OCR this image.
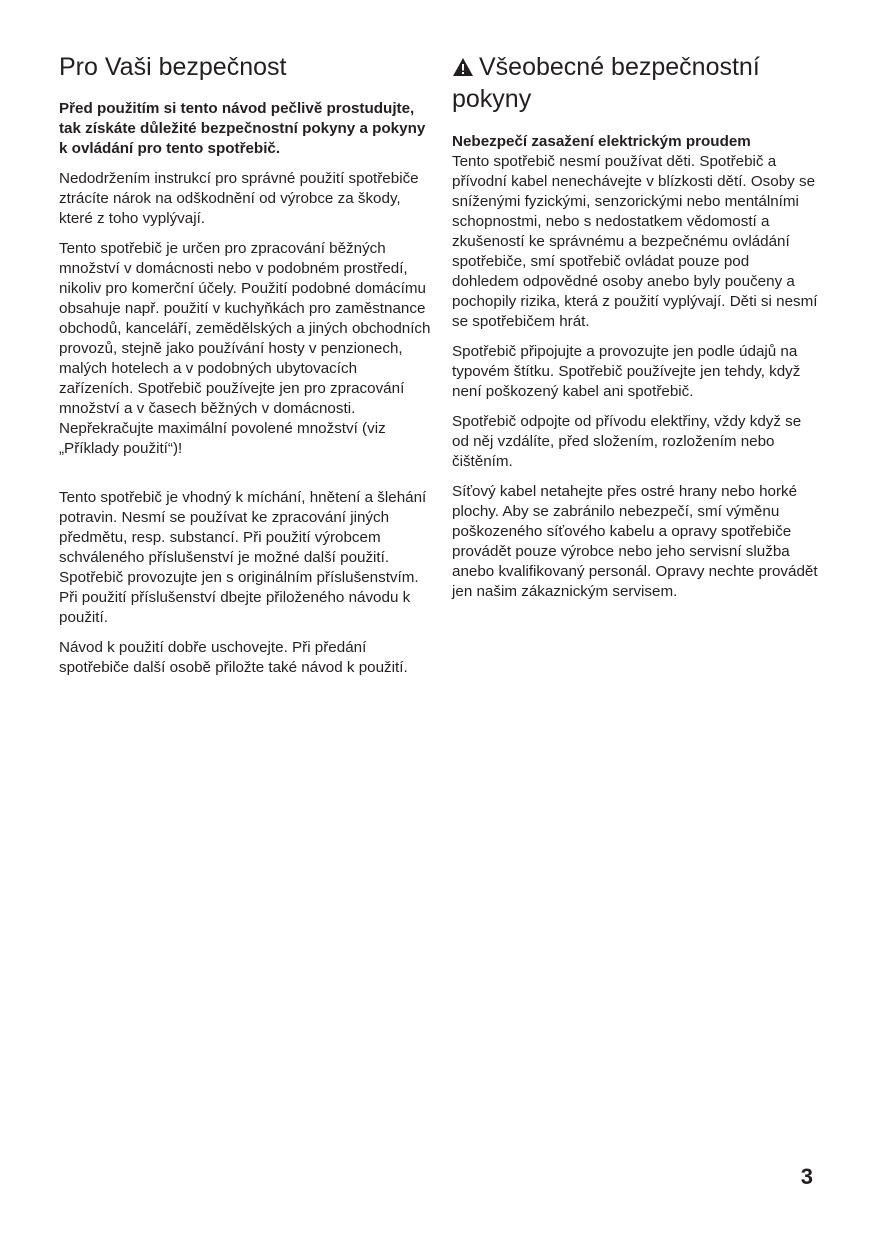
Pro Vaši bezpečnost

Před použitím si tento návod pečlivě prostudujte, tak získáte důležité bezpečnostní pokyny a pokyny k ovládání pro tento spotřebič.

Nedodržením instrukcí pro správné použití spotřebiče ztrácíte nárok na odškodnění od výrobce za škody, které z toho vyplývají.

Tento spotřebič je určen pro zpracování běžných množství v domácnosti nebo v podobném prostředí, nikoliv pro komerční účely. Použití podobné domácímu obsahuje např. použití v kuchyňkách pro zaměstnance obchodů, kanceláří, zemědělských a jiných obchodních provozů, stejně jako používání hosty v penzionech, malých hotelech a v podobných ubytovacích zařízeních. Spotřebič používejte jen pro zpracování množství a v časech běžných v domácnosti. Nepřekračujte maximální povolené množství (viz „Příklady použití“)!

Tento spotřebič je vhodný k míchání, hnětení a šlehání potravin. Nesmí se používat ke zpracování jiných předmětu, resp. substancí. Při použití výrobcem schváleného příslušenství je možné další použití. Spotřebič provozujte jen s originálním příslušenstvím. Při použití příslušenství dbejte přiloženého návodu k použití.

Návod k použití dobře uschovejte. Při předání spotřebiče další osobě přiložte také návod k použití.

Všeobecné bezpečnostní pokyny

Nebezpečí zasažení elektrickým proudem
Tento spotřebič nesmí používat děti. Spotřebič a přívodní kabel nenechávejte v blízkosti dětí. Osoby se sníženými fyzickými, senzorickými nebo mentálními schopnostmi, nebo s nedostatkem vědomostí a zkušeností ke správnému a bezpečnému ovládání spotřebiče, smí spotřebič ovládat pouze pod dohledem odpovědné osoby anebo byly poučeny a pochopily rizika, která z použití vyplývají. Děti si nesmí se spotřebičem hrát.

Spotřebič připojujte a provozujte jen podle údajů na typovém štítku. Spotřebič používejte jen tehdy, když není poškozený kabel ani spotřebič.

Spotřebič odpojte od přívodu elektřiny, vždy když se od něj vzdálíte, před složením, rozložením nebo čištěním.

Síťový kabel netahejte přes ostré hrany nebo horké plochy. Aby se zabránilo nebezpečí, smí výměnu poškozeného síťového kabelu a opravy spotřebiče provádět pouze výrobce nebo jeho servisní služba anebo kvalifikovaný personál. Opravy nechte provádět jen našim zákaznickým servisem.

3
